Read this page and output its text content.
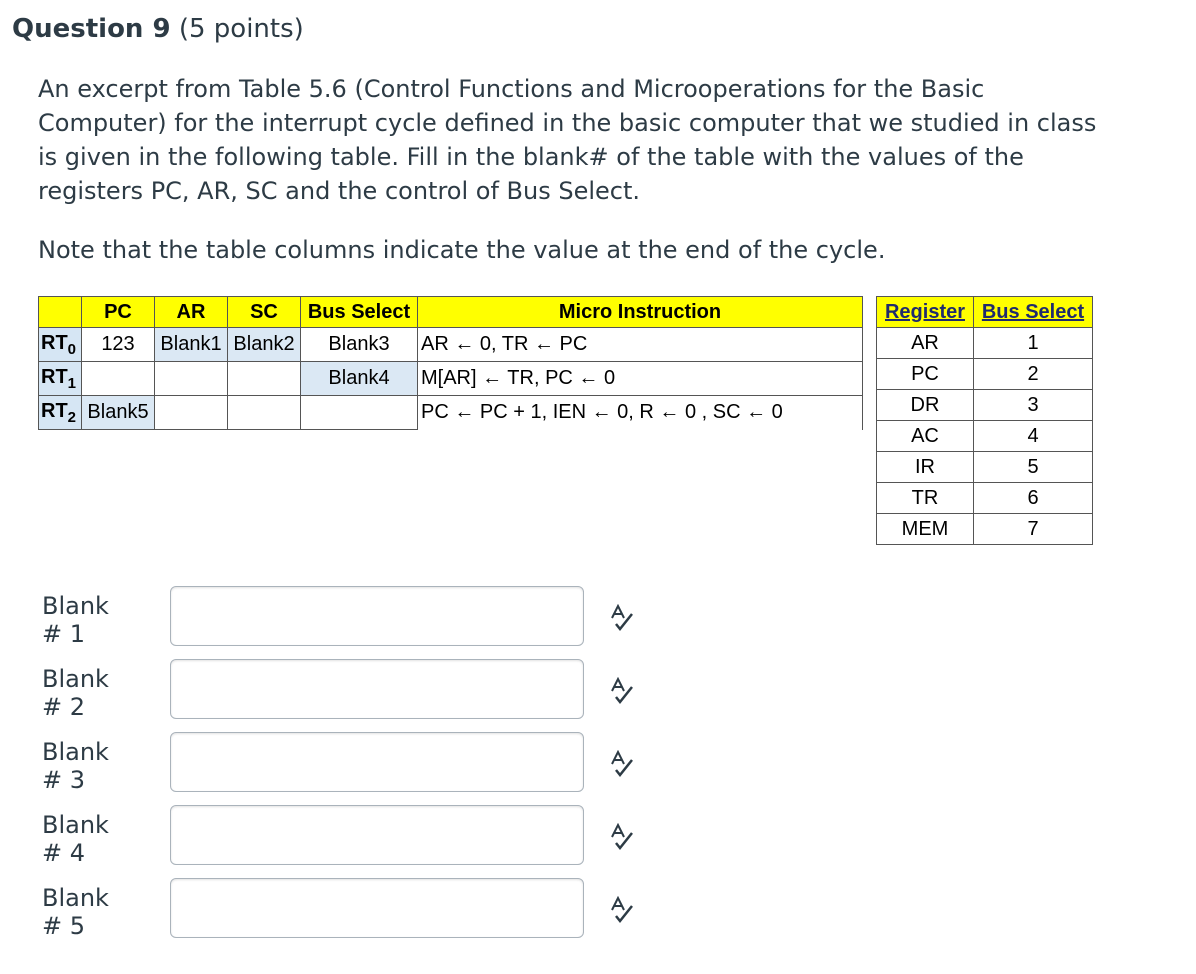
Question 9 (5 points)
An excerpt from Table 5.6 (Control Functions and Microoperations for the Basic Computer) for the interrupt cycle defined in the basic computer that we studied in class is given in the following table. Fill in the blank# of the table with the values of the registers PC, AR, SC and the control of Bus Select.
Note that the table columns indicate the value at the end of the cycle.
	PC	AR	SC	Bus Select	Micro Instruction
$RT_0$	123	Blank1	Blank2	Blank3	AR ← 0, TR ← PC
$RT_1$				Blank4	M[AR] ← TR, PC ← 0
$RT_2$	Blank5				PC ← PC + 1, IEN ← 0, R ← 0 , SC ← 0
Register	Bus Select
AR	1
PC	2
DR	3
AC	4
IR	5
TR	6
MEM	7
Blank # 1
Blank # 2
Blank # 3
Blank # 4
Blank # 5
